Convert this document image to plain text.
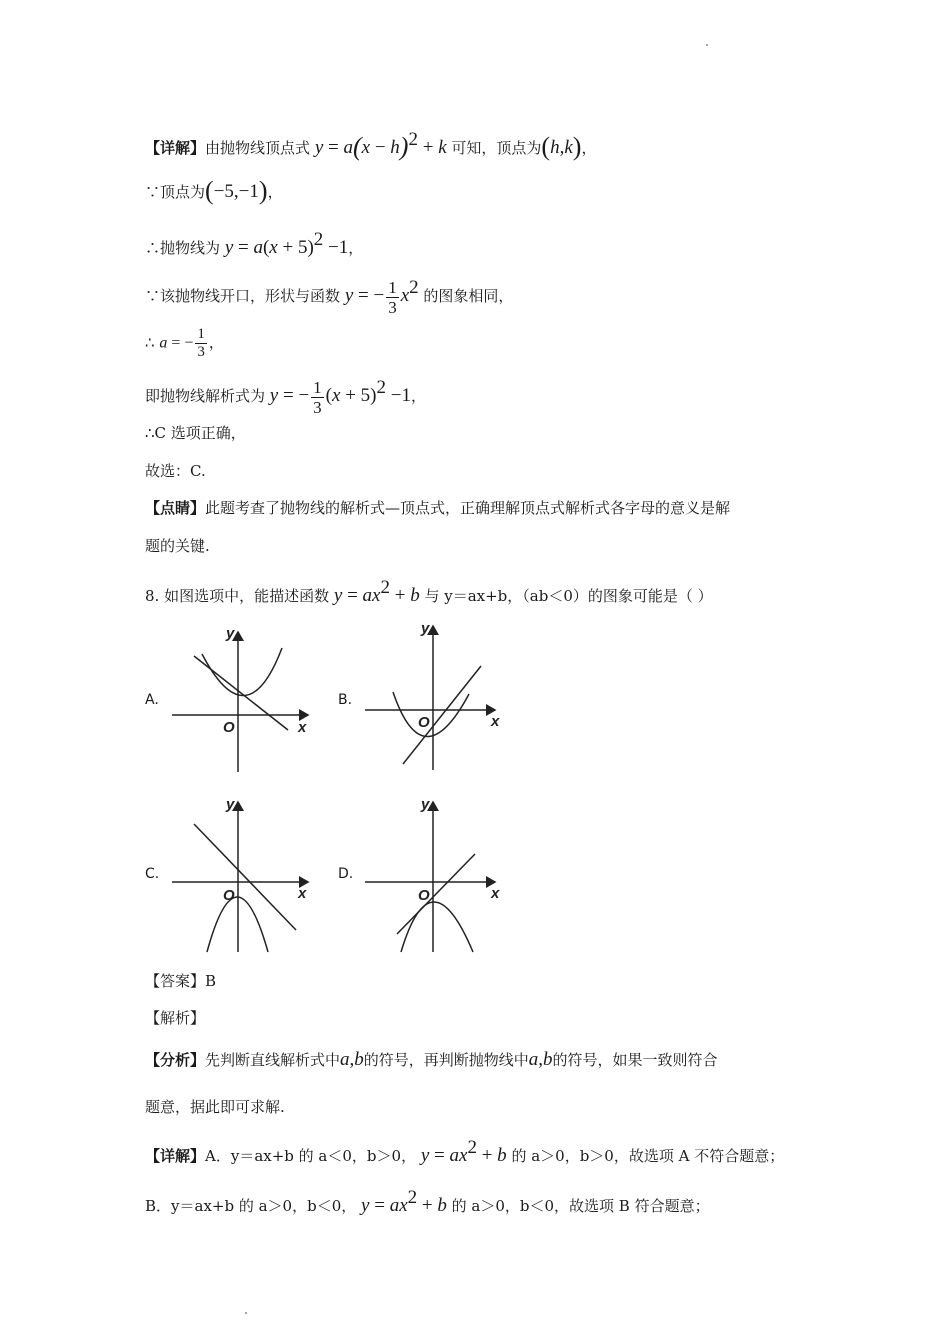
【详解】由抛物线顶点式 $y = a(x - h)^2 + k$ 可知，顶点为(h,k)，
∵顶点为(−5,−1)，
∴抛物线为 $y = a(x + 5)^2 -1$，
∵该抛物线开口，形状与函数 y = − $\frac{1}{3} x^2$ 的图象相同，
∴ a = − $\frac{1}{3}$ ，
即抛物线解析式为 y = − $\frac{1}{3} (x + 5)^2 -1$，
∴C 选项正确，
故选：C.
【点睛】此题考查了抛物线的解析式—顶点式，正确理解顶点式解析式各字母的意义是解
题的关键.
8. 如图选项中，能描述函数 $y = ax^2 + b$ 与 y＝ax+b，（ab＜0）的图象可能是（ ）
A.	B.
C.	D.
y
x
O
y
x
O
y
x
O
y
x
O
【答案】B
【解析】
【分析】先判断直线解析式中a,b的符号，再判断抛物线中a,b的符号，如果一致则符合
题意，据此即可求解.
【详解】A．y＝ax+b 的 a＜0，b＞0， $y = ax^2 + b$ 的 a＞0，b＞0，故选项 A 不符合题意；
B．y＝ax+b 的 a＞0，b＜0， $y = ax^2 + b$ 的 a＞0，b＜0，故选项 B 符合题意；
